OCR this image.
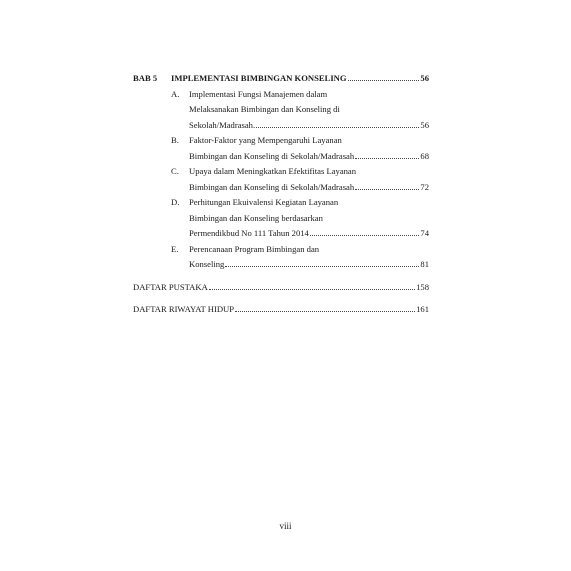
BAB 5	IMPLEMENTASI BIMBINGAN KONSELING	56
A.	Implementasi Fungsi Manajemen dalam
Melaksanakan Bimbingan dan Konseling di
Sekolah/Madrasah.	56
B.	Faktor-Faktor yang Mempengaruhi Layanan
Bimbingan dan Konseling di Sekolah/Madrasah	68
C.	Upaya dalam Meningkatkan Efektifitas Layanan
Bimbingan dan Konseling di Sekolah/Madrasah	72
D.	Perhitungan Ekuivalensi Kegiatan Layanan
Bimbingan dan Konseling berdasarkan
Permendikbud No 111 Tahun 2014	74
E.	Perencanaan Program Bimbingan dan
Konseling	81
DAFTAR PUSTAKA	158
DAFTAR RIWAYAT HIDUP	161
viii
